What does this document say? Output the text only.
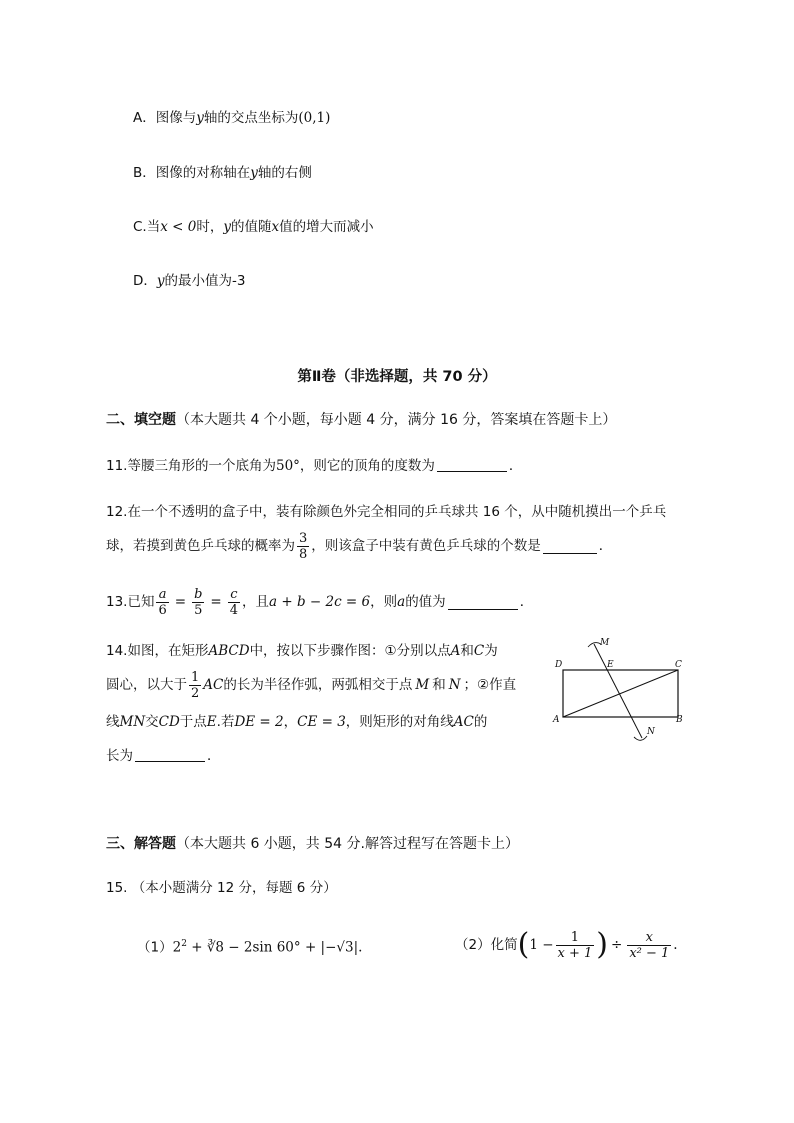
A．图像与y轴的交点坐标为(0,1)
B．图像的对称轴在y轴的右侧
C.当x < 0时，y的值随x值的增大而减小
D．y的最小值为-3
第Ⅱ卷（非选择题，共 70 分）
二、填空题（本大题共 4 个小题，每小题 4 分，满分 16 分，答案填在答题卡上）
11.等腰三角形的一个底角为50°，则它的顶角的度数为	．
12.在一个不透明的盒子中，装有除颜色外完全相同的乒乓球共 16 个，从中随机摸出一个乒乓
球，若摸到黄色乒乓球的概率为 $\frac{3}{8}$ ，则该盒子中装有黄色乒乓球的个数是	．
13.已知 $\frac{a}{6} = \frac{b}{5} = \frac{c}{4}$ ，且 a + b − 2c = 6 ，则 a 的值为	．
14.如图，在矩形ABCD中，按以下步骤作图：①分别以点A和C为
圆心，以大于 $\frac{1}{2}$ AC 的长为半径作弧，两弧相交于点 M 和 N ；②作直
线MN交CD于点E.若DE = 2，CE = 3，则矩形的对角线AC的
长为	．
D	E	C
A	B
M
N
三、解答题（本大题共 6 小题，共 54 分.解答过程写在答题卡上）
15. （本小题满分 12 分，每题 6 分）
$(1)2^2$ + ∛8 − 2sin 60° + |−√3|.	（2）化简 ( $1 - \frac{1}{x + 1}$ ) ÷ $\frac{x}{\text{x² − 1}}$ .
